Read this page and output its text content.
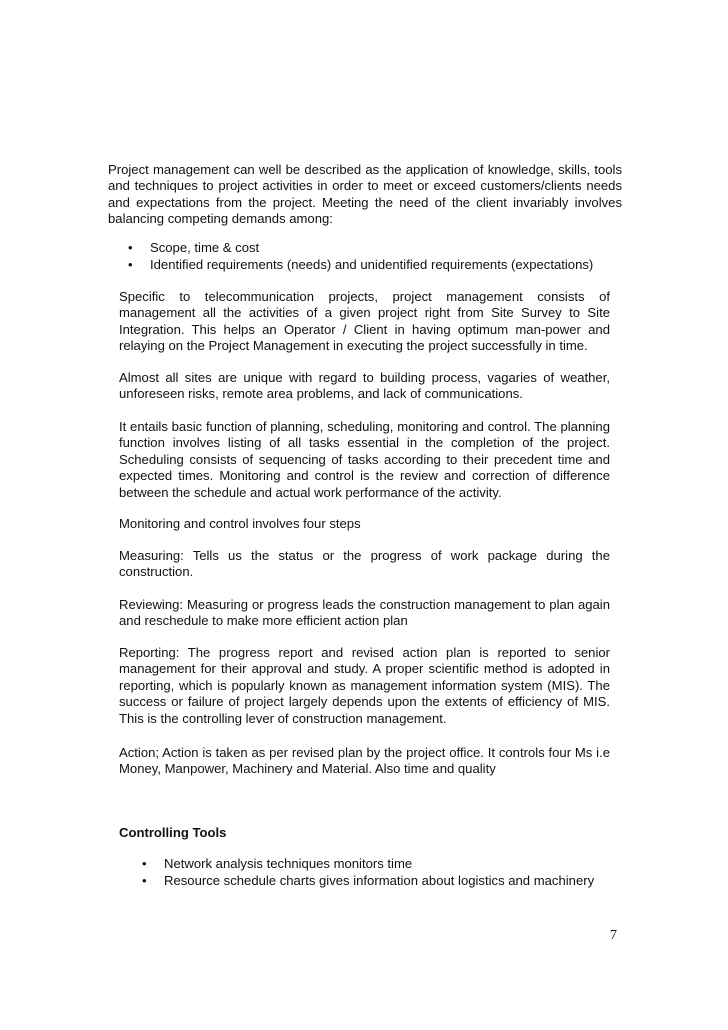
Project management can well be described as the application of knowledge, skills, tools and techniques to project activities in order to meet or exceed customers/clients needs and expectations from the project. Meeting the need of the client invariably involves balancing competing demands among:

• Scope, time & cost
• Identified requirements (needs) and unidentified requirements (expectations)

Specific to telecommunication projects, project management consists of management all the activities of a given project right from Site Survey to Site Integration. This helps an Operator / Client in having optimum man-power and relaying on the Project Management in executing the project successfully in time.

Almost all sites are unique with regard to building process, vagaries of weather, unforeseen risks, remote area problems, and lack of communications.

It entails basic function of planning, scheduling, monitoring and control. The planning function involves listing of all tasks essential in the completion of the project. Scheduling consists of sequencing of tasks according to their precedent time and expected times. Monitoring and control is the review and correction of difference between the schedule and actual work performance of the activity.

Monitoring and control involves four steps

Measuring: Tells us the status or the progress of work package during the construction.

Reviewing: Measuring or progress leads the construction management to plan again and reschedule to make more efficient action plan

Reporting: The progress report and revised action plan is reported to senior management for their approval and study. A proper scientific method is adopted in reporting, which is popularly known as management information system (MIS). The success or failure of project largely depends upon the extents of efficiency of MIS. This is the controlling lever of construction management.

Action; Action is taken as per revised plan by the project office. It controls four Ms i.e Money, Manpower, Machinery and Material. Also time and quality

Controlling Tools

• Network analysis techniques monitors time
• Resource schedule charts gives information about logistics and machinery

7
